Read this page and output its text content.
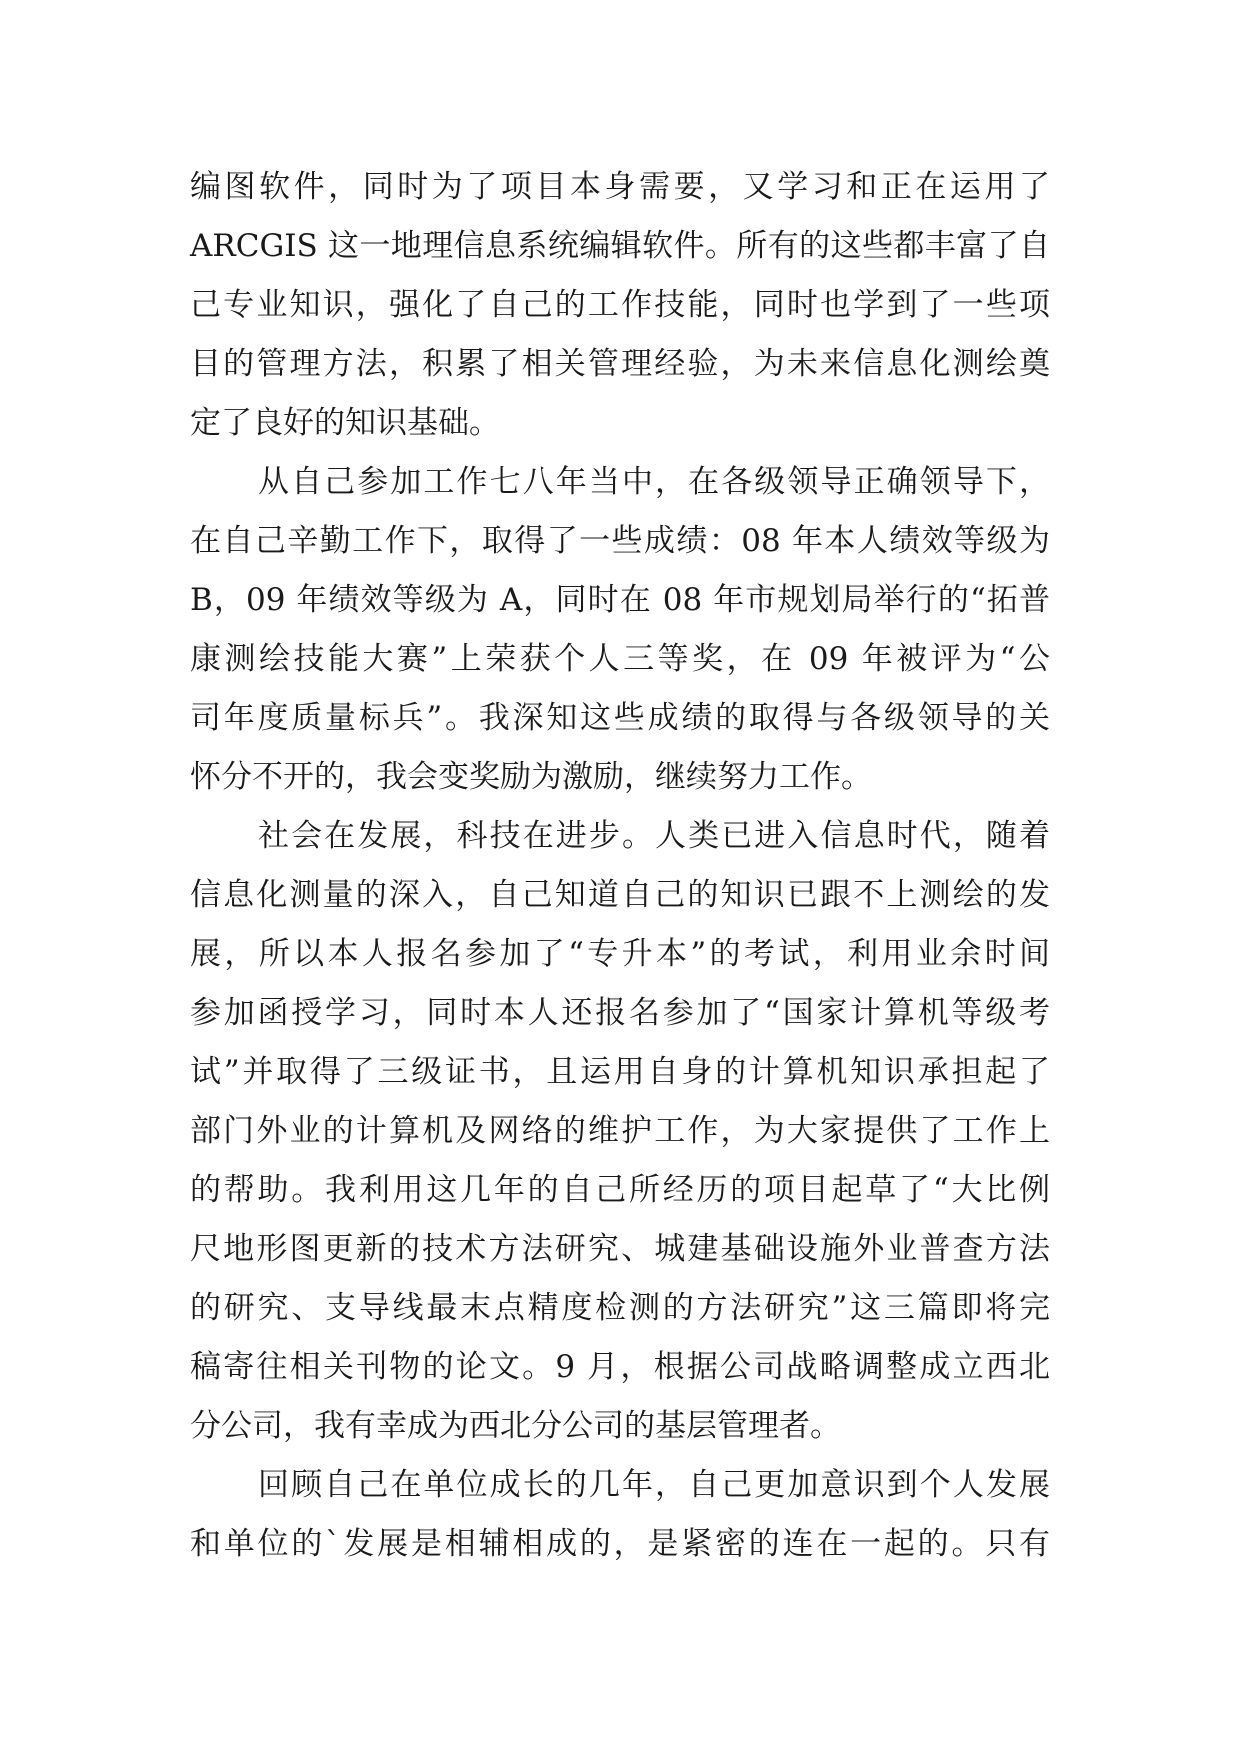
编图软件，同时为了项目本身需要，又学习和正在运用了
ARCGIS 这一地理信息系统编辑软件。所有的这些都丰富了自
己专业知识，强化了自己的工作技能，同时也学到了一些项
目的管理方法，积累了相关管理经验，为未来信息化测绘奠
定了良好的知识基础。
从自己参加工作七八年当中，在各级领导正确领导下，
在自己辛勤工作下，取得了一些成绩：08 年本人绩效等级为
B，09 年绩效等级为 A，同时在 08 年市规划局举行的“拓普
康测绘技能大赛”上荣获个人三等奖，在 09 年被评为“公
司年度质量标兵”。我深知这些成绩的取得与各级领导的关
怀分不开的，我会变奖励为激励，继续努力工作。
社会在发展，科技在进步。人类已进入信息时代，随着
信息化测量的深入，自己知道自己的知识已跟不上测绘的发
展，所以本人报名参加了“专升本”的考试，利用业余时间
参加函授学习，同时本人还报名参加了“国家计算机等级考
试”并取得了三级证书，且运用自身的计算机知识承担起了
部门外业的计算机及网络的维护工作，为大家提供了工作上
的帮助。我利用这几年的自己所经历的项目起草了“大比例
尺地形图更新的技术方法研究、城建基础设施外业普查方法
的研究、支导线最末点精度检测的方法研究”这三篇即将完
稿寄往相关刊物的论文。9 月，根据公司战略调整成立西北
分公司，我有幸成为西北分公司的基层管理者。
回顾自己在单位成长的几年，自己更加意识到个人发展
和单位的`发展是相辅相成的，是紧密的连在一起的。只有
